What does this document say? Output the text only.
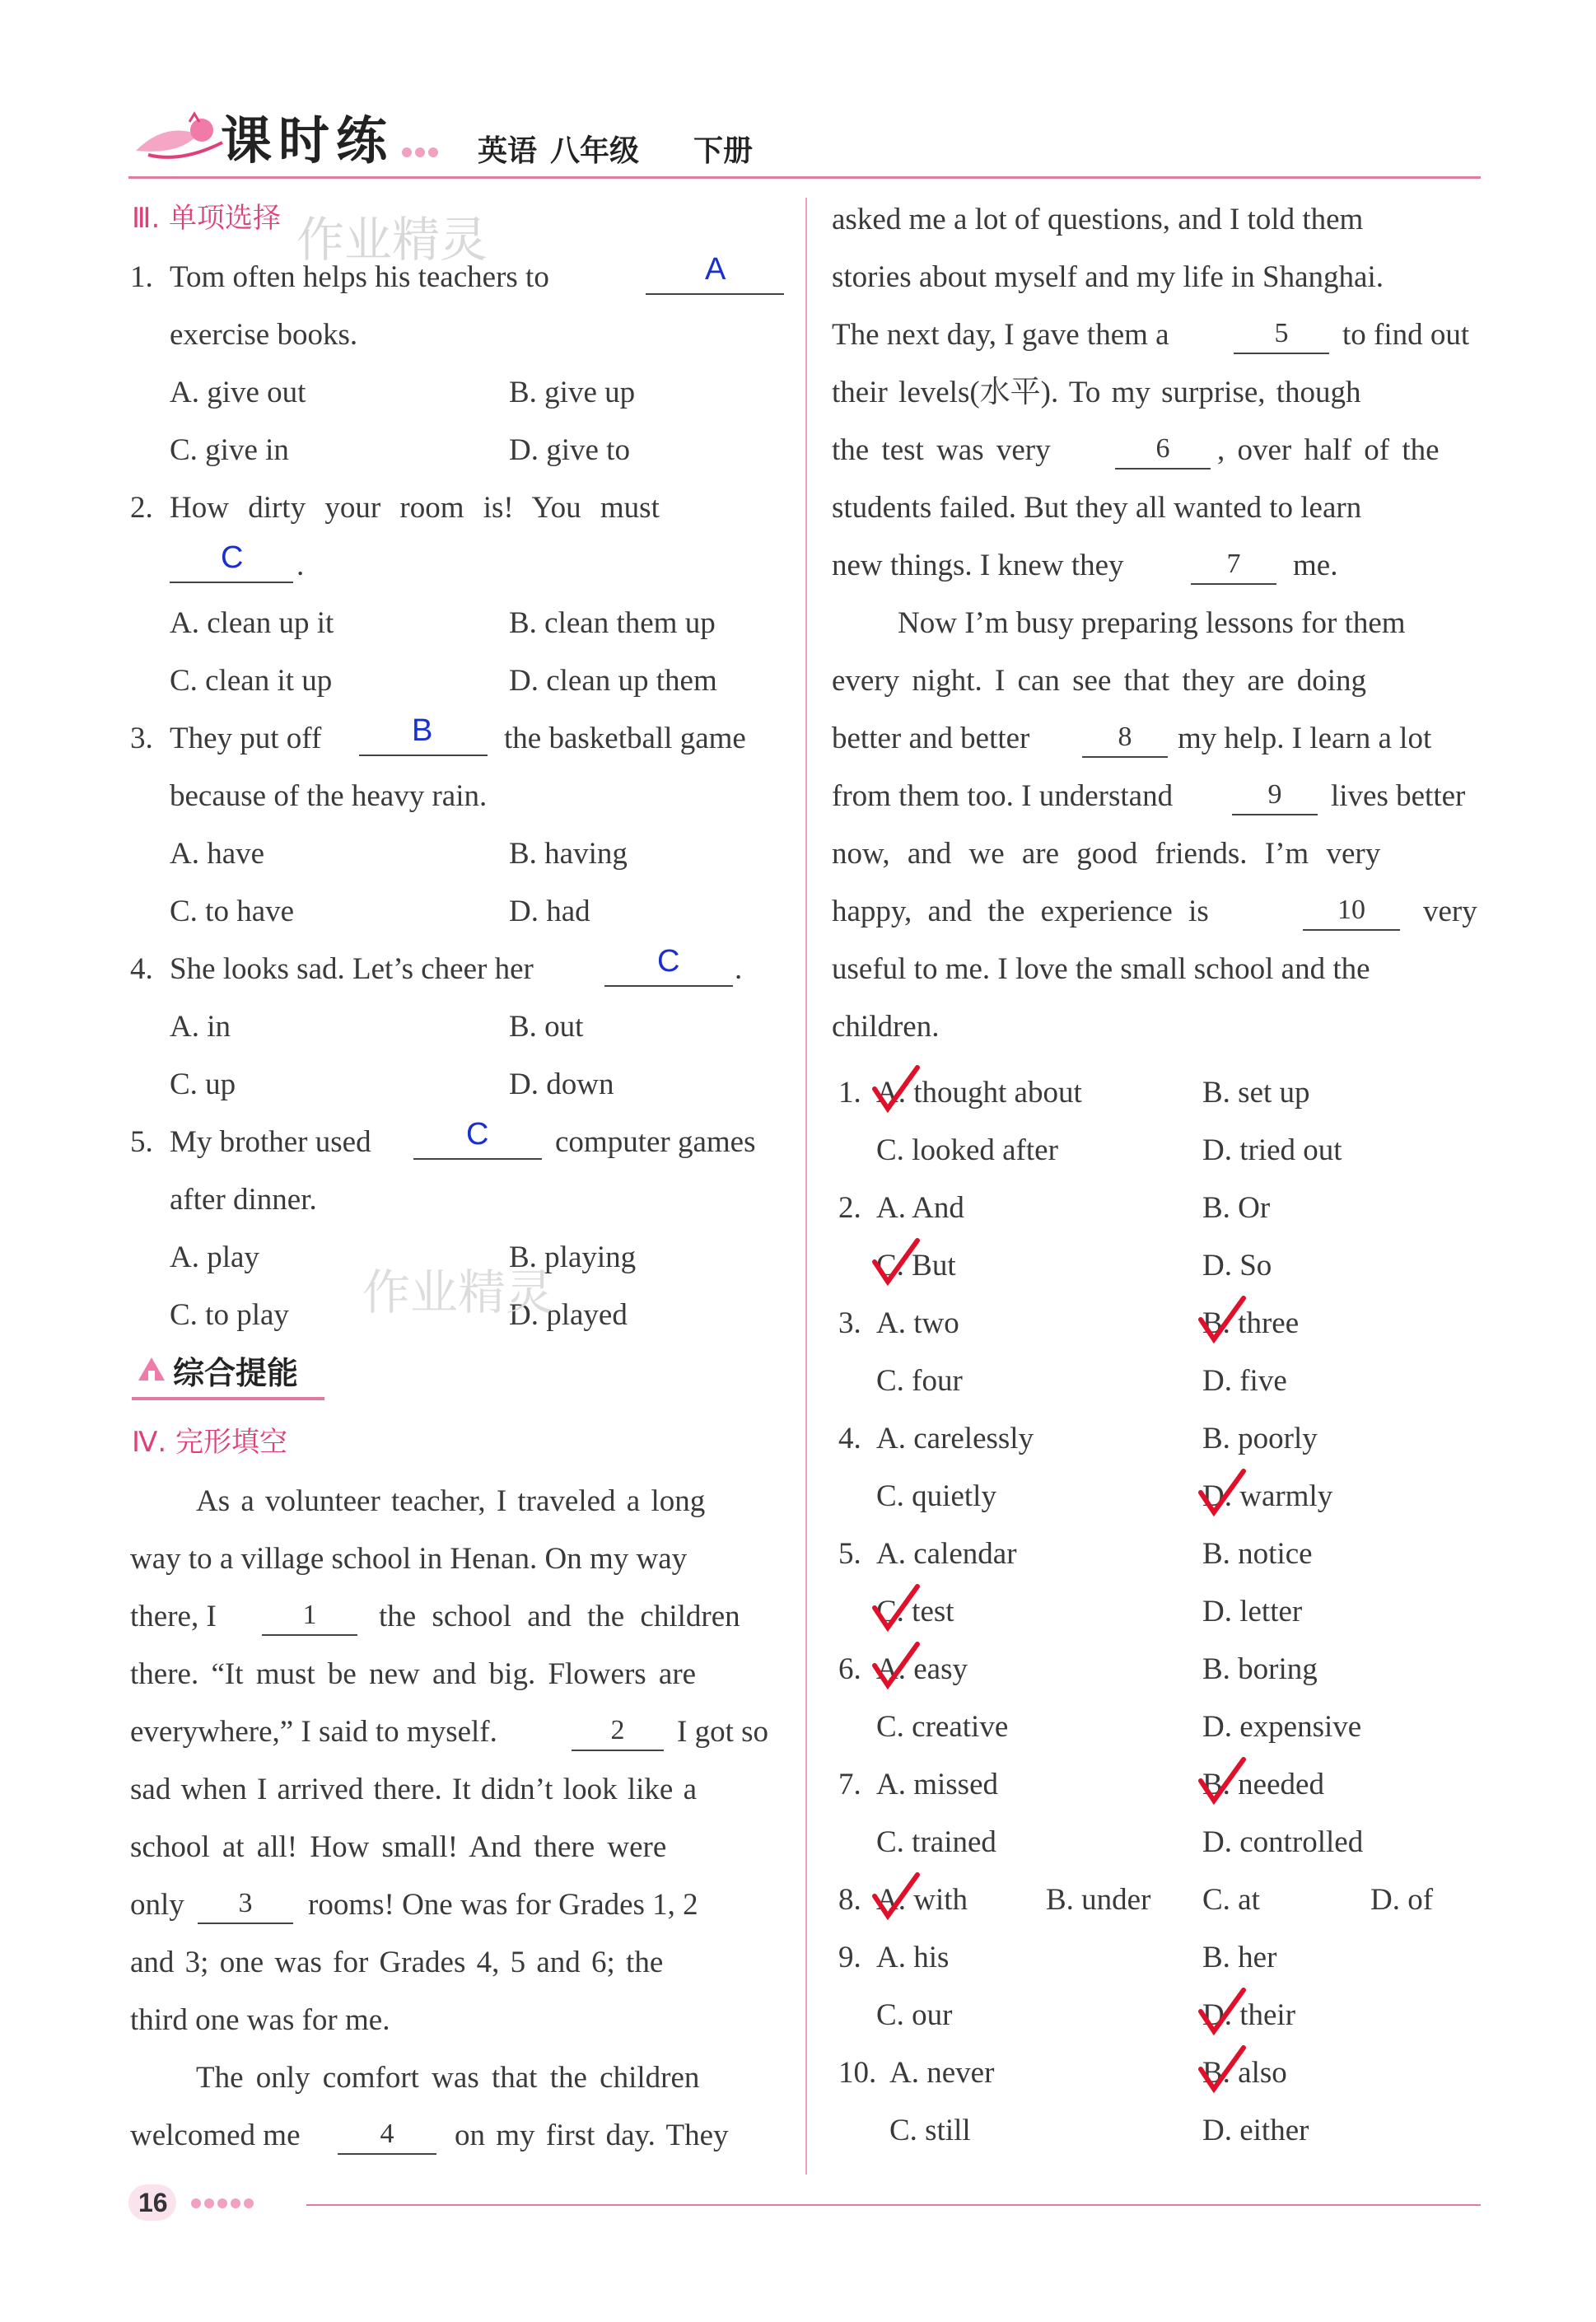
课时练	英语 八年级 下册
Ⅲ. 单项选择 作业精灵
1. Tom often helps his teachers to	A
exercise books.
A. give out	B. give up
C. give in	D. give to
2. How dirty your room is! You must
C .
A. clean up it	B. clean them up
C. clean it up	D. clean up them
3. They put off	B the basketball game
because of the heavy rain.
A. have	B. having
C. to have	D. had
4. She looks sad. Let’s cheer her	C .
A. in	B. out
C. up	D. down
5. My brother used	C computer games
after dinner.
A. play	B. playing
C. to play	D. played
作业精灵
综合提能
Ⅳ. 完形填空
As a volunteer teacher, I traveled a long
way to a village school in Henan. On my way
there, I	1	the school and the children
there. “It must be new and big. Flowers are
everywhere,” I said to myself.	2	I got so
sad when I arrived there. It didn’t look like a
school at all! How small! And there were
only	3	rooms! One was for Grades 1, 2
and 3; one was for Grades 4, 5 and 6; the
third one was for me.
The only comfort was that the children
welcomed me	4	on my first day. They
asked me a lot of questions, and I told them
stories about myself and my life in Shanghai.
The next day, I gave them a	5	to find out
their levels(水平). To my surprise, though
the test was very	6	, over half of the
students failed. But they all wanted to learn
new things. I knew they	7	me.
Now I’m busy preparing lessons for them
every night. I can see that they are doing
better and better	8	my help. I learn a lot
from them too. I understand	9	lives better
now, and we are good friends. I’m very
happy, and the experience is	10	very
useful to me. I love the small school and the
children.
1. A. thought about	B. set up
C. looked after	D. tried out
2. A. And	B. Or
C. But	D. So
3. A. two	B. three
C. four	D. five
4. A. carelessly	B. poorly
C. quietly	D. warmly
5. A. calendar	B. notice
C. test	D. letter
6. A. easy	B. boring
C. creative	D. expensive
7. A. missed	B. needed
C. trained	D. controlled
8. A. with	B. under C. at	D. of
9. A. his	B. her
C. our	D. their
10. A. never	B. also
C. still	D. either
16
